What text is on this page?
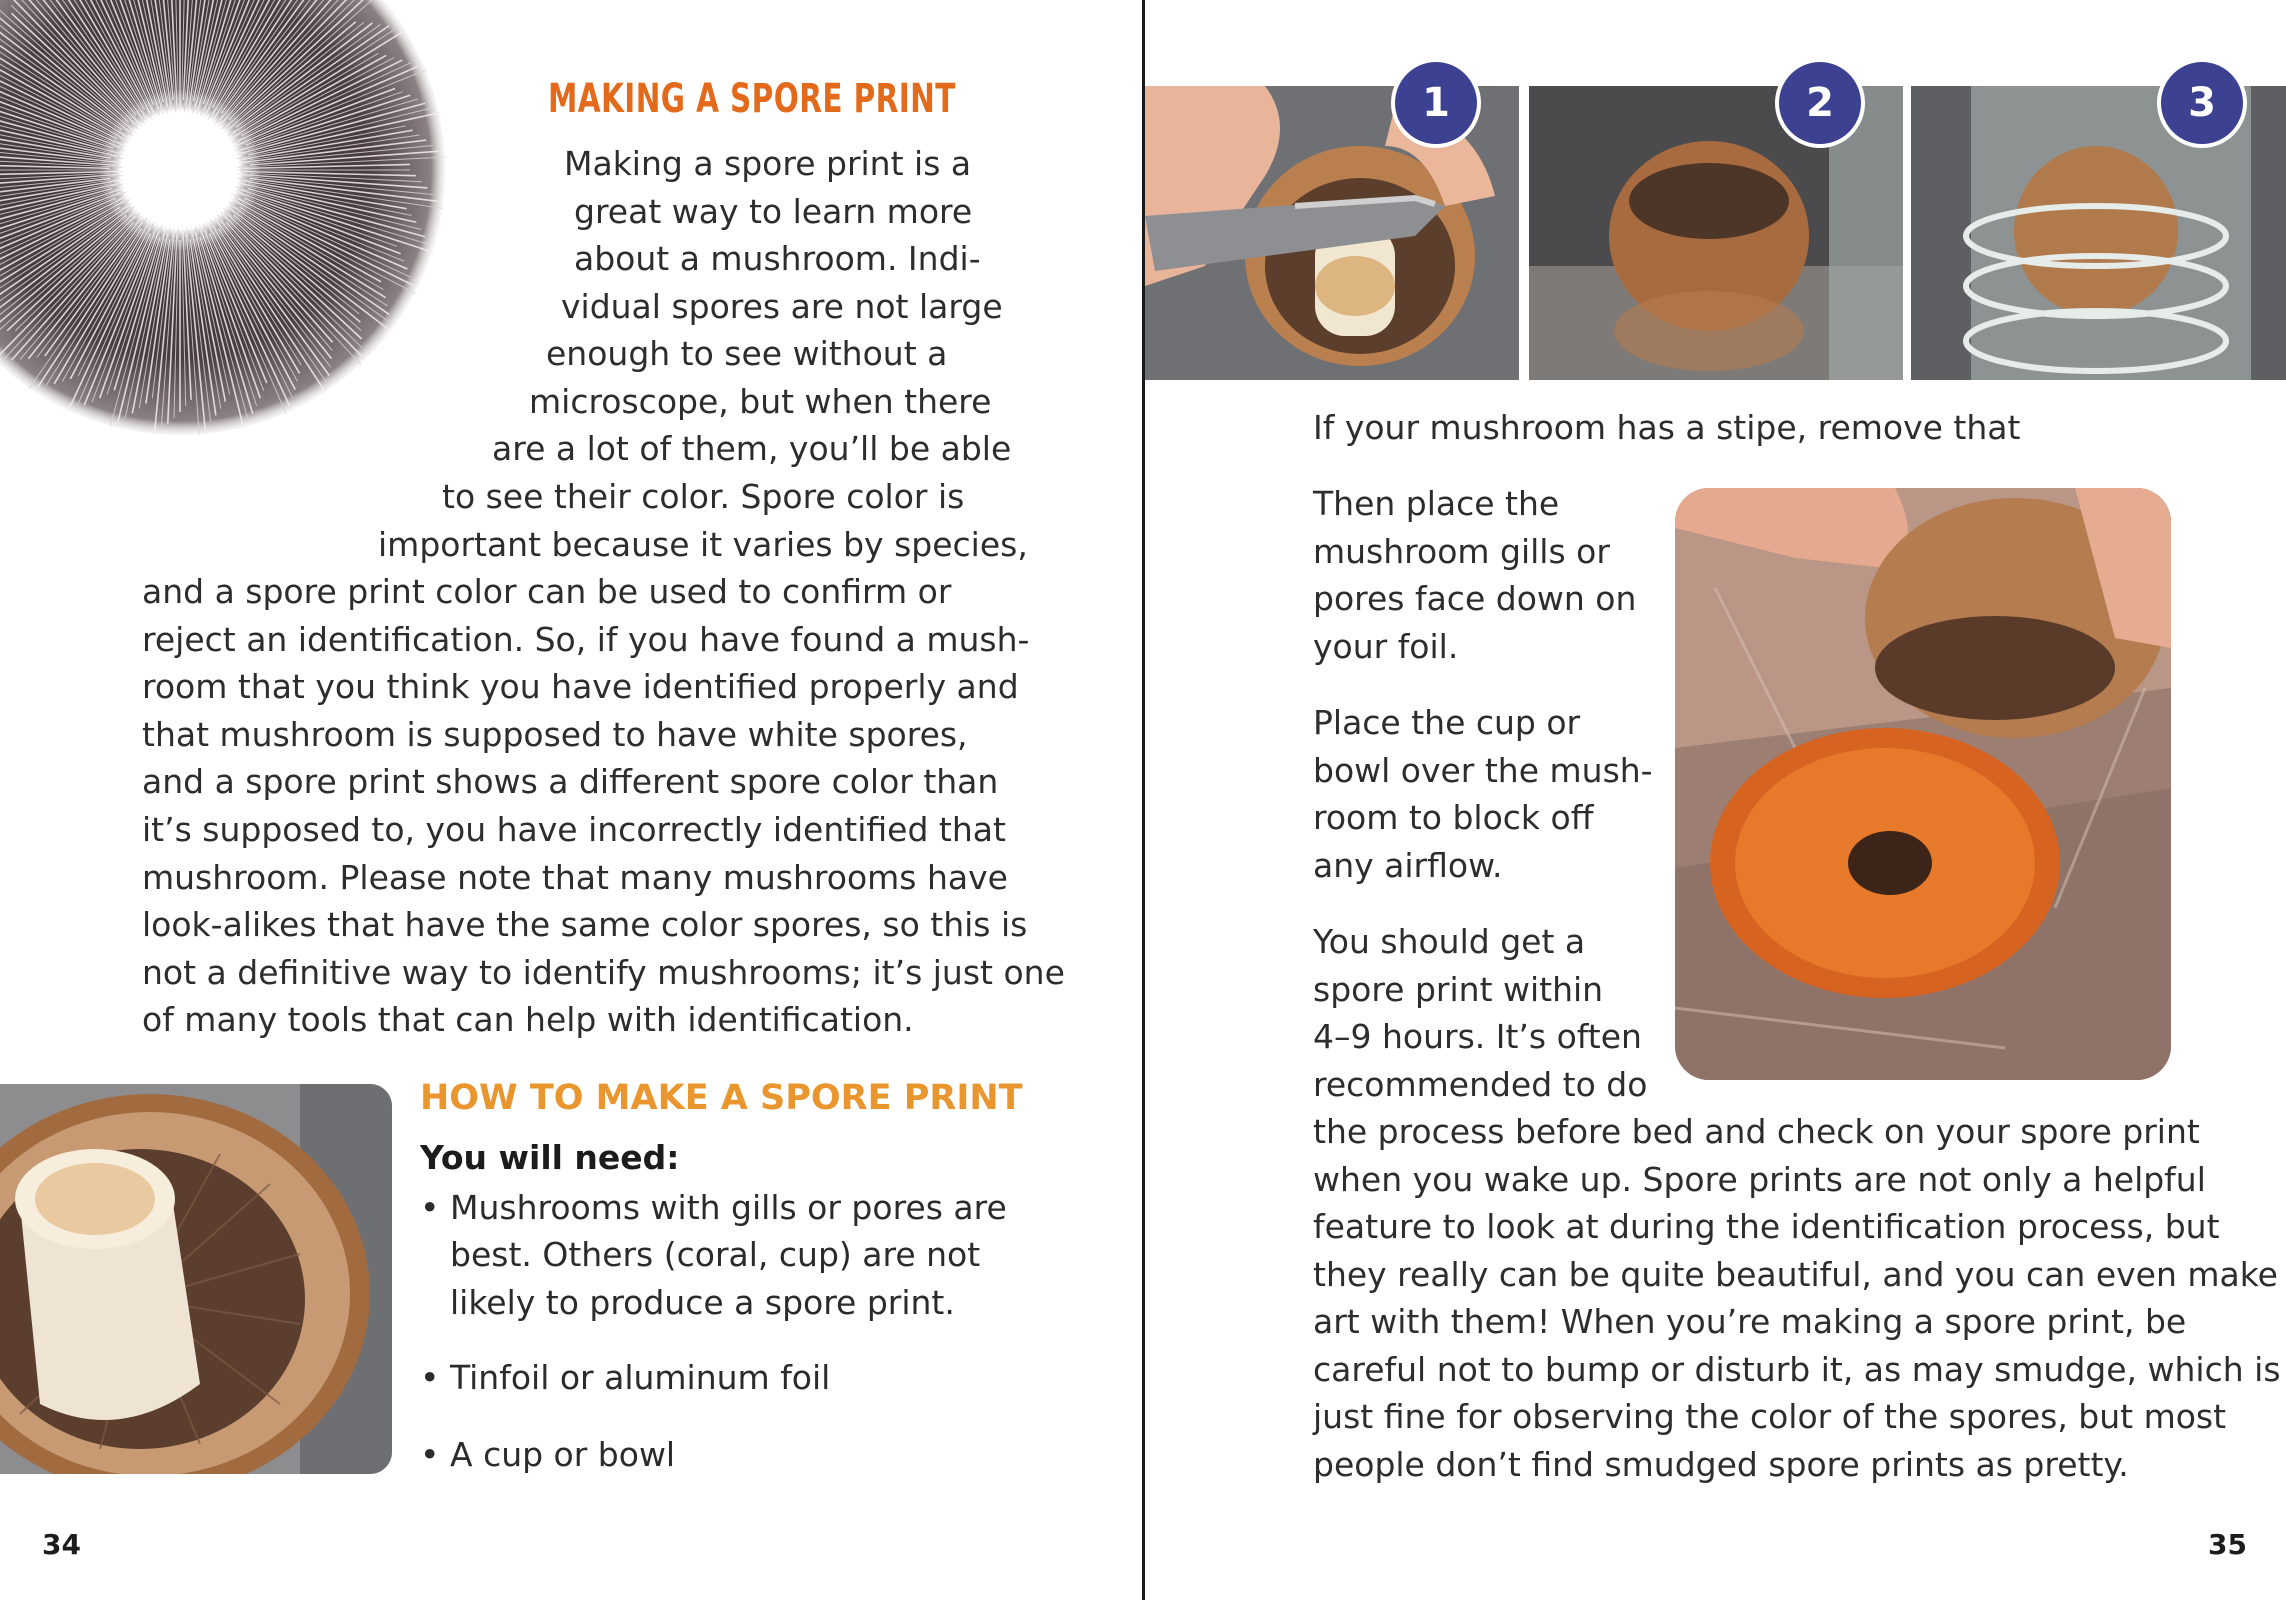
MAKING A SPORE PRINT
Making a spore print is a
great way to learn more
about a mushroom. Indi-
vidual spores are not large
enough to see without a
microscope, but when there
are a lot of them, you’ll be able
to see their color. Spore color is
important because it varies by species,
and a spore print color can be used to confirm or
reject an identification. So, if you have found a mush-
room that you think you have identified properly and
that mushroom is supposed to have white spores,
and a spore print shows a different spore color than
it’s supposed to, you have incorrectly identified that
mushroom. Please note that many mushrooms have
look-alikes that have the same color spores, so this is
not a definitive way to identify mushrooms; it’s just one
of many tools that can help with identification.
HOW TO MAKE A SPORE PRINT
You will need:
• Mushrooms with gills or pores are
best. Others (coral, cup) are not
likely to produce a spore print.
• Tinfoil or aluminum foil
• A cup or bowl
34
1	2	3
If your mushroom has a stipe, remove that
Then place the
mushroom gills or
pores face down on
your foil.
Place the cup or
bowl over the mush-
room to block off
any airflow.
You should get a
spore print within
4–9 hours. It’s often
recommended to do
the process before bed and check on your spore print
when you wake up. Spore prints are not only a helpful
feature to look at during the identification process, but
they really can be quite beautiful, and you can even make
art with them! When you’re making a spore print, be
careful not to bump or disturb it, as may smudge, which is
just fine for observing the color of the spores, but most
people don’t find smudged spore prints as pretty.
35
